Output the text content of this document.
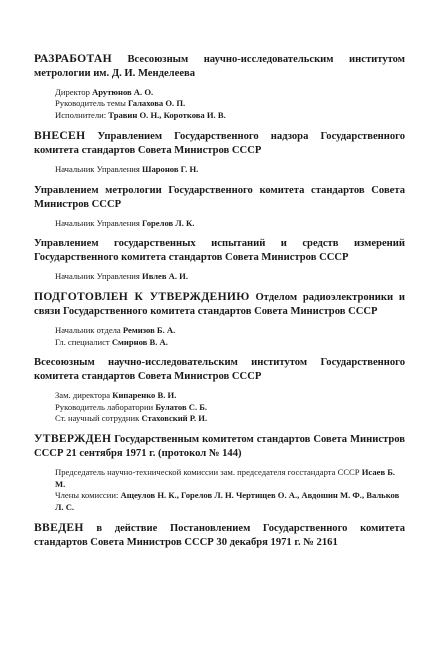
РАЗРАБОТАН Всесоюзным научно-исследовательским институтом метрологии им. Д. И. Менделеева

Директор Арутюнов А. О.
Руководитель темы Галахова О. П.
Исполнители: Травин О. Н., Короткова И. В.

ВНЕСЕН Управлением Государственного надзора Государственного комитета стандартов Совета Министров СССР

Начальник Управления Шаронов Г. Н.

Управлением метрологии Государственного комитета стандартов Совета Министров СССР

Начальник Управления Горелов Л. К.

Управлением государственных испытаний и средств измерений Государственного комитета стандартов Совета Министров СССР

Начальник Управления Ивлев А. И.

ПОДГОТОВЛЕН К УТВЕРЖДЕНИЮ Отделом радиоэлектроники и связи Государственного комитета стандартов Совета Министров СССР

Начальник отдела Ремизов Б. А.
Гл. специалист Смирнов В. А.

Всесоюзным научно-исследовательским институтом Государственного комитета стандартов Совета Министров СССР

Зам. директора Кипаренко В. И.
Руководитель лаборатории Булатов С. Б.
Ст. научный сотрудник Стаховский Р. И.

УТВЕРЖДЕН Государственным комитетом стандартов Совета Министров СССР 21 сентября 1971 г. (протокол № 144)

Председатель научно-технической комиссии зам. председателя госстандарта СССР Исаев Б. М.
Члены комиссии: Ащеулов Н. К., Горелов Л. Н. Чертищев О. А., Авдошин М. Ф., Вальков Л. С.

ВВЕДЕН в действие Постановлением Государственного комитета стандартов Совета Министров СССР 30 декабря 1971 г. № 2161
